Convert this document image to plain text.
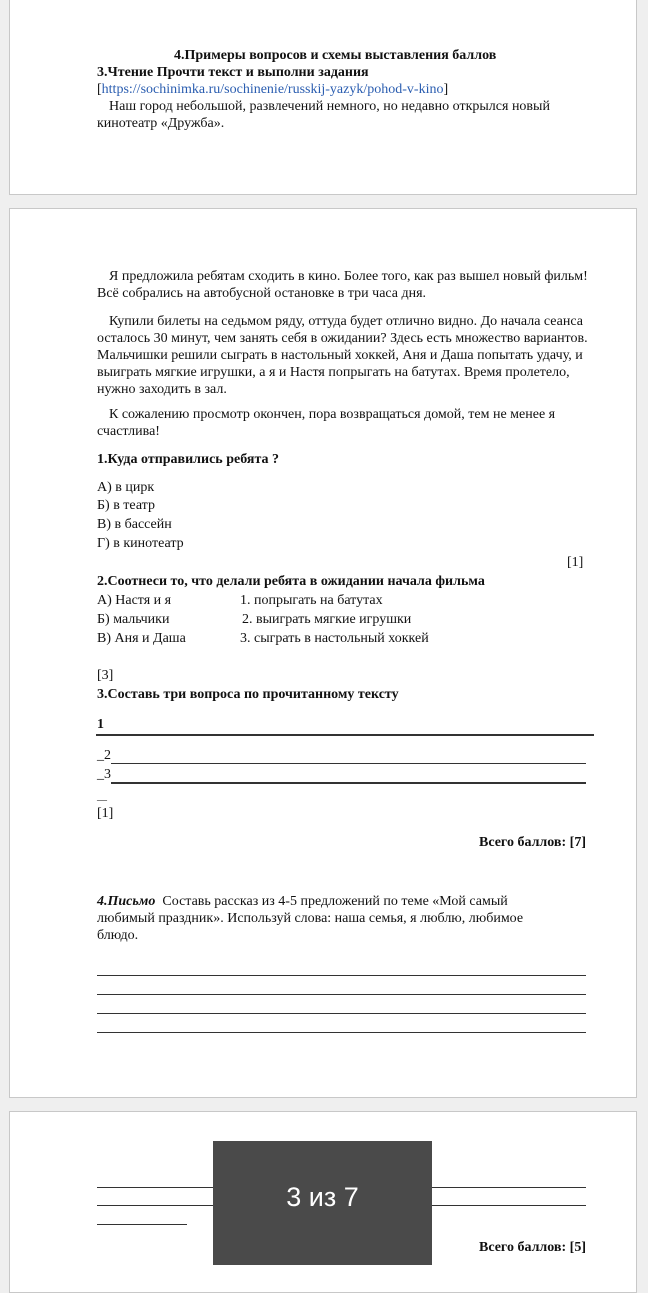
4.Примеры вопросов и схемы выставления баллов
3.Чтение Прочти текст и выполни задания
[https://sochinimka.ru/sochinenie/russkij-yazyk/pohod-v-kino]
Наш город небольшой, развлечений немного, но недавно открылся новый кинотеатр «Дружба».
Я предложила ребятам сходить в кино. Более того, как раз вышел новый фильм! Всё собрались на автобусной остановке в три часа дня.
Купили билеты на седьмом ряду, оттуда будет отлично видно. До начала сеанса осталось 30 минут, чем занять себя в ожидании? Здесь есть множество вариантов. Мальчишки решили сыграть в настольный хоккей, Аня и Даша попытать удачу, и выиграть мягкие игрушки, а я и Настя попрыгать на батутах. Время пролетело, нужно заходить в зал.
К сожалению просмотр окончен, пора возвращаться домой, тем не менее я счастлива!
1.Куда отправились ребята ?
А) в цирк
Б) в театр
В) в бассейн
Г) в кинотеатр
[1]
2.Соотнеси то, что делали ребята в ожидании начала фильма
А) Настя и я
Б) мальчики
В) Аня и Даша
1. попрыгать на батутах
2. выиграть мягкие игрушки
3. сыграть в настольный хоккей
[3]
3.Составь три вопроса по прочитанному тексту
1
_2
_3
__
[1]
Всего баллов: [7]
4.Письмо Составь рассказ из 4-5 предложений по теме «Мой самый любимый праздник». Используй слова: наша семья, я люблю, любимое блюдо.
Всего баллов: [5]
3 из 7
